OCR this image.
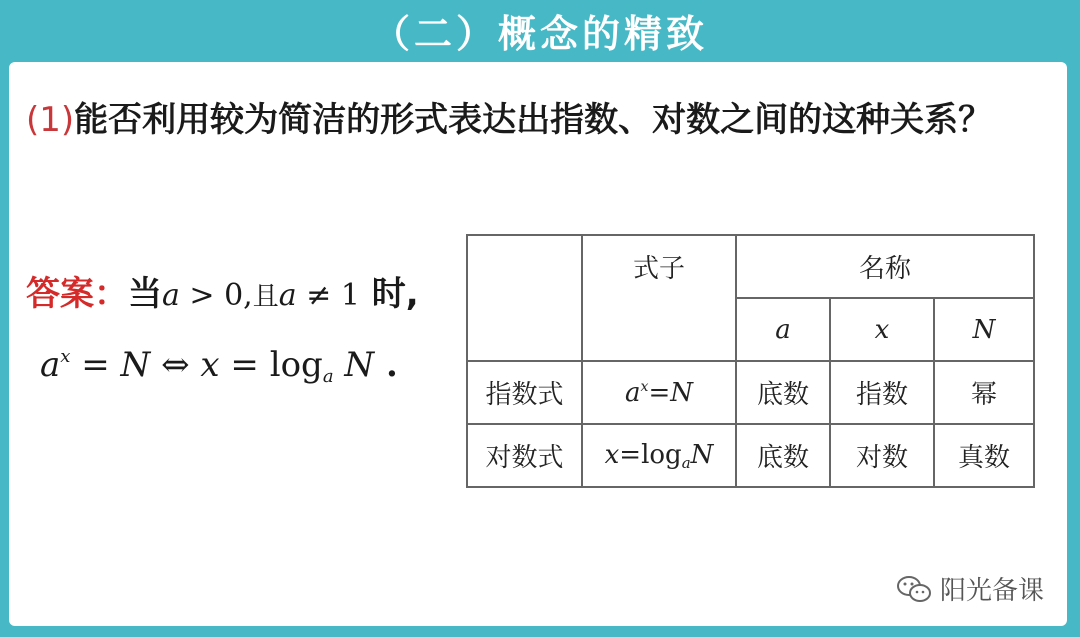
（二）概念的精致
(1)能否利用较为简洁的形式表达出指数、对数之间的这种关系？
答案：当a > 0,且a ≠ 1 时,
$a^x = N$ ⇔ $x = \log_a N$ .
	式子	名称		
		a	x	N
指数式	$a^x=N$	底数	指数	幂
对数式	$x=\log_aN$	底数	对数	真数
阳光备课
